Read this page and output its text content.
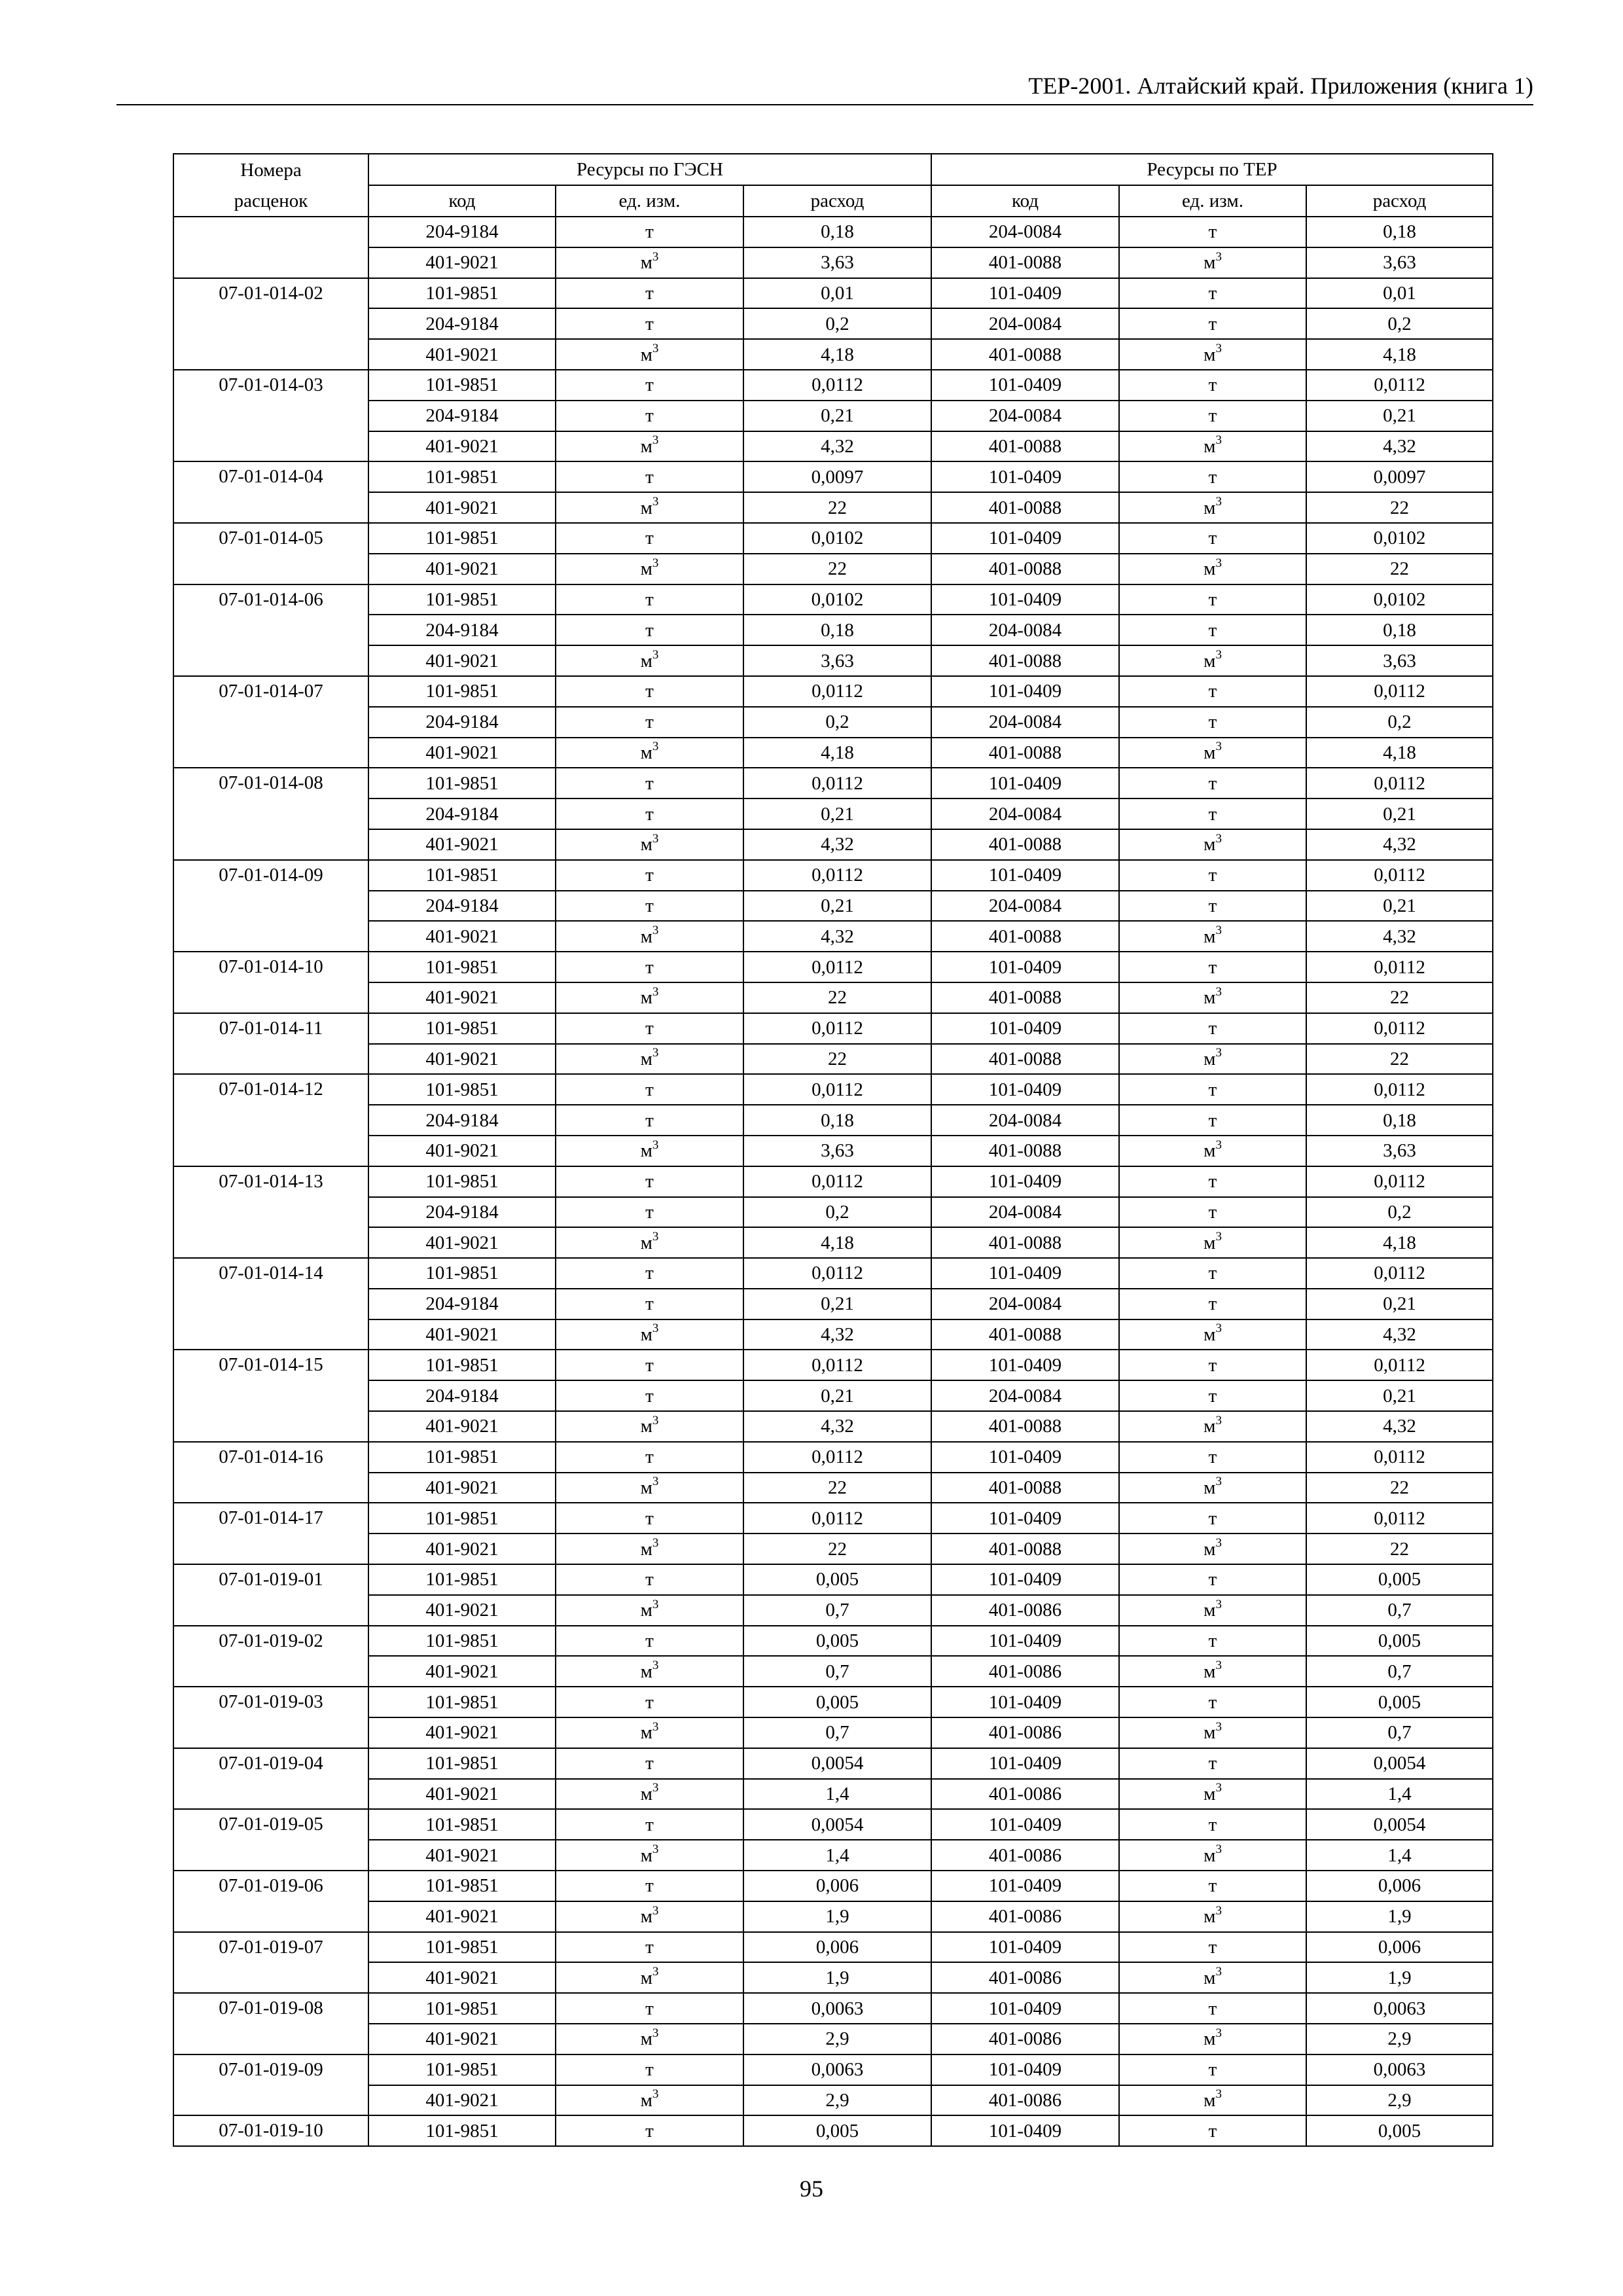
ТЕР-2001. Алтайский край. Приложения (книга 1)
Номера	Ресурсы по ГЭСН			Ресурсы по ТЕР		
расценок	код	ед. изм.	расход	код	ед. изм.	расход
	204-9184	т	0,18	204-0084	т	0,18
	401-9021	$м^3$	3,63	401-0088	$м^3$	3,63
07-01-014-02	101-9851	т	0,01	101-0409	т	0,01
	204-9184	т	0,2	204-0084	т	0,2
	401-9021	$м^3$	4,18	401-0088	$м^3$	4,18
07-01-014-03	101-9851	т	0,0112	101-0409	т	0,0112
	204-9184	т	0,21	204-0084	т	0,21
	401-9021	$м^3$	4,32	401-0088	$м^3$	4,32
07-01-014-04	101-9851	т	0,0097	101-0409	т	0,0097
	401-9021	$м^3$	22	401-0088	$м^3$	22
07-01-014-05	101-9851	т	0,0102	101-0409	т	0,0102
	401-9021	$м^3$	22	401-0088	$м^3$	22
07-01-014-06	101-9851	т	0,0102	101-0409	т	0,0102
	204-9184	т	0,18	204-0084	т	0,18
	401-9021	$м^3$	3,63	401-0088	$м^3$	3,63
07-01-014-07	101-9851	т	0,0112	101-0409	т	0,0112
	204-9184	т	0,2	204-0084	т	0,2
	401-9021	$м^3$	4,18	401-0088	$м^3$	4,18
07-01-014-08	101-9851	т	0,0112	101-0409	т	0,0112
	204-9184	т	0,21	204-0084	т	0,21
	401-9021	$м^3$	4,32	401-0088	$м^3$	4,32
07-01-014-09	101-9851	т	0,0112	101-0409	т	0,0112
	204-9184	т	0,21	204-0084	т	0,21
	401-9021	$м^3$	4,32	401-0088	$м^3$	4,32
07-01-014-10	101-9851	т	0,0112	101-0409	т	0,0112
	401-9021	$м^3$	22	401-0088	$м^3$	22
07-01-014-11	101-9851	т	0,0112	101-0409	т	0,0112
	401-9021	$м^3$	22	401-0088	$м^3$	22
07-01-014-12	101-9851	т	0,0112	101-0409	т	0,0112
	204-9184	т	0,18	204-0084	т	0,18
	401-9021	$м^3$	3,63	401-0088	$м^3$	3,63
07-01-014-13	101-9851	т	0,0112	101-0409	т	0,0112
	204-9184	т	0,2	204-0084	т	0,2
	401-9021	$м^3$	4,18	401-0088	$м^3$	4,18
07-01-014-14	101-9851	т	0,0112	101-0409	т	0,0112
	204-9184	т	0,21	204-0084	т	0,21
	401-9021	$м^3$	4,32	401-0088	$м^3$	4,32
07-01-014-15	101-9851	т	0,0112	101-0409	т	0,0112
	204-9184	т	0,21	204-0084	т	0,21
	401-9021	$м^3$	4,32	401-0088	$м^3$	4,32
07-01-014-16	101-9851	т	0,0112	101-0409	т	0,0112
	401-9021	$м^3$	22	401-0088	$м^3$	22
07-01-014-17	101-9851	т	0,0112	101-0409	т	0,0112
	401-9021	$м^3$	22	401-0088	$м^3$	22
07-01-019-01	101-9851	т	0,005	101-0409	т	0,005
	401-9021	$м^3$	0,7	401-0086	$м^3$	0,7
07-01-019-02	101-9851	т	0,005	101-0409	т	0,005
	401-9021	$м^3$	0,7	401-0086	$м^3$	0,7
07-01-019-03	101-9851	т	0,005	101-0409	т	0,005
	401-9021	$м^3$	0,7	401-0086	$м^3$	0,7
07-01-019-04	101-9851	т	0,0054	101-0409	т	0,0054
	401-9021	$м^3$	1,4	401-0086	$м^3$	1,4
07-01-019-05	101-9851	т	0,0054	101-0409	т	0,0054
	401-9021	$м^3$	1,4	401-0086	$м^3$	1,4
07-01-019-06	101-9851	т	0,006	101-0409	т	0,006
	401-9021	$м^3$	1,9	401-0086	$м^3$	1,9
07-01-019-07	101-9851	т	0,006	101-0409	т	0,006
	401-9021	$м^3$	1,9	401-0086	$м^3$	1,9
07-01-019-08	101-9851	т	0,0063	101-0409	т	0,0063
	401-9021	$м^3$	2,9	401-0086	$м^3$	2,9
07-01-019-09	101-9851	т	0,0063	101-0409	т	0,0063
	401-9021	$м^3$	2,9	401-0086	$м^3$	2,9
07-01-019-10	101-9851	т	0,005	101-0409	т	0,005
95
